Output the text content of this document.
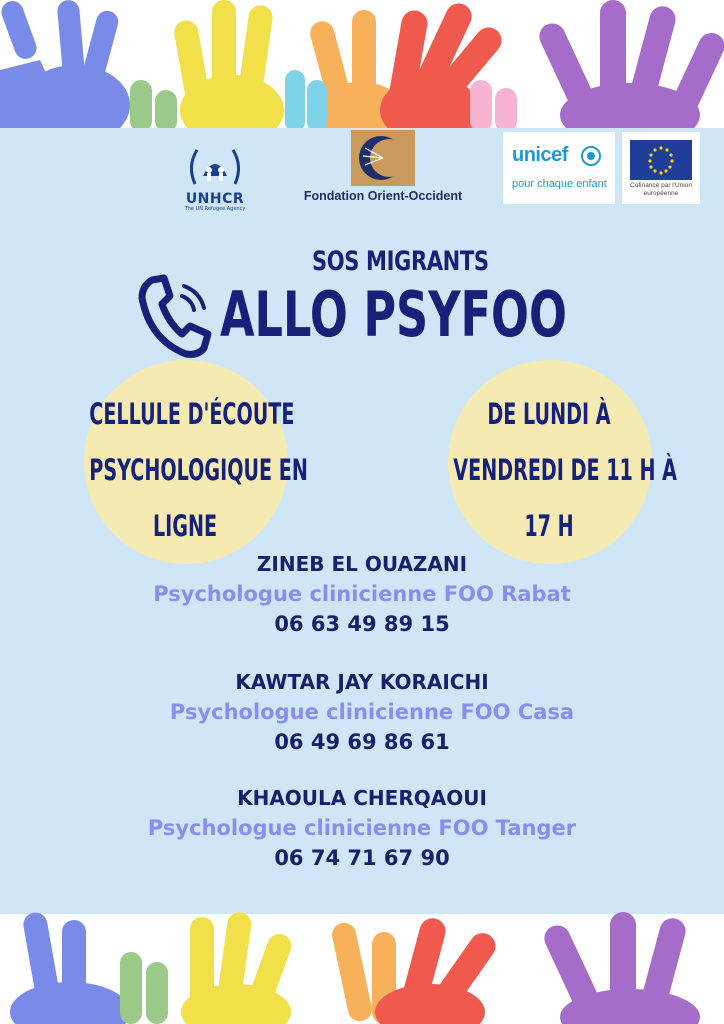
UNHCR
The UN Refugee Agency
Fondation Orient-Occident
unicef
pour chaque enfant	Cofinancé par l'Union européenne
SOS MIGRANTS
ALLO PSYFOO
CELLULE D'ÉCOUTE
PSYCHOLOGIQUE EN
LIGNE
DE LUNDI À
VENDREDI DE 11 H À
17 H
ZINEB EL OUAZANI
Psychologue clinicienne FOO Rabat
06 63 49 89 15
KAWTAR JAY KORAICHI
Psychologue clinicienne FOO Casa
06 49 69 86 61
KHAOULA CHERQAOUI
Psychologue clinicienne FOO Tanger
06 74 71 67 90
